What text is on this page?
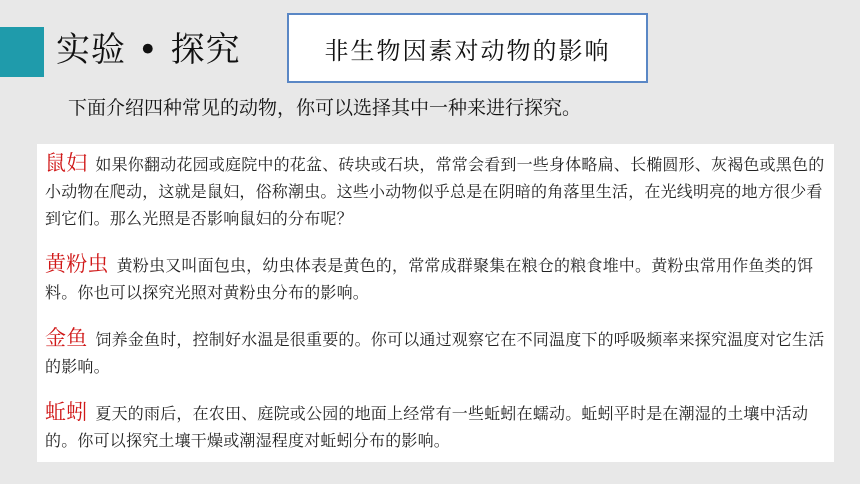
实验 • 探究	非生物因素对动物的影响
下面介绍四种常见的动物，你可以选择其中一种来进行探究。

鼠妇 如果你翻动花园或庭院中的花盆、砖块或石块，常常会看到一些身体略扁、长椭圆形、灰褐色或黑色的小动物在爬动，这就是鼠妇，俗称潮虫。这些小动物似乎总是在阴暗的角落里生活，在光线明亮的地方很少看到它们。那么光照是否影响鼠妇的分布呢？

黄粉虫 黄粉虫又叫面包虫，幼虫体表是黄色的，常常成群聚集在粮仓的粮食堆中。黄粉虫常用作鱼类的饵料。你也可以探究光照对黄粉虫分布的影响。

金鱼 饲养金鱼时，控制好水温是很重要的。你可以通过观察它在不同温度下的呼吸频率来探究温度对它生活的影响。

蚯蚓 夏天的雨后，在农田、庭院或公园的地面上经常有一些蚯蚓在蠕动。蚯蚓平时是在潮湿的土壤中活动的。你可以探究土壤干燥或潮湿程度对蚯蚓分布的影响。
